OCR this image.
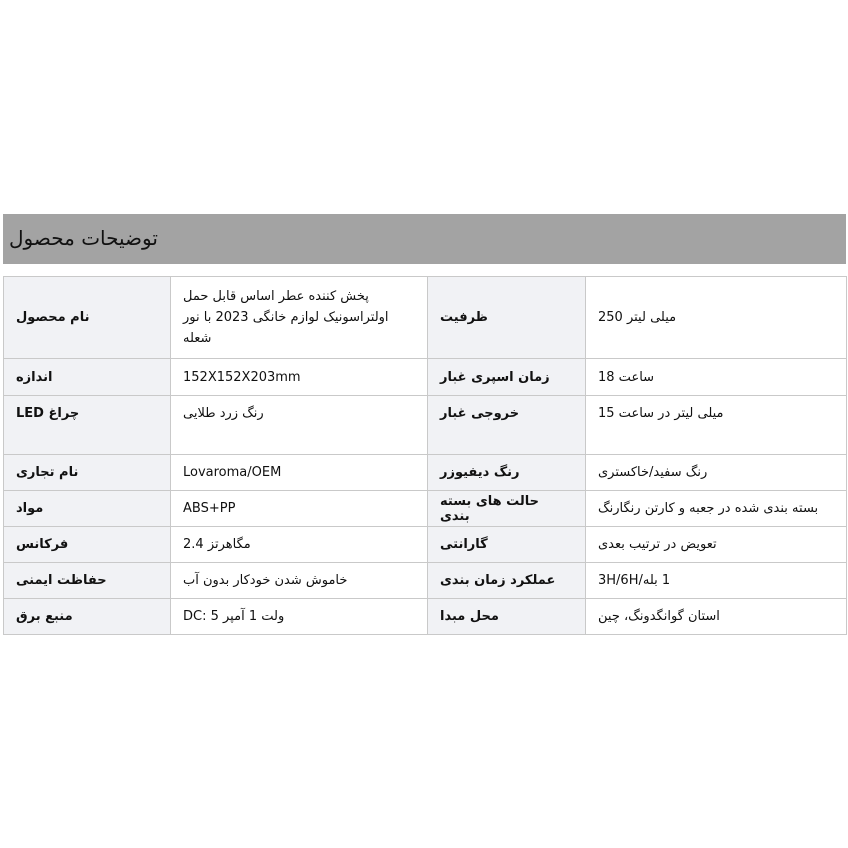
توضیحات محصول
نام محصول	پخش کننده عطر اساس قابل حمل
اولتراسونیک لوازم خانگی 2023 با نور
شعله	ظرفیت	میلی لیتر 250
اندازه	152X152X203mm	زمان اسپری غبار	ساعت 18
چراغ LED	رنگ زرد طلایی	خروجی غبار	میلی لیتر در ساعت 15
نام تجاری	Lovaroma/OEM	رنگ دیفیوزر	رنگ سفید/خاکستری
مواد	ABS+PP	حالت های بسته بندی	بسته بندی شده در جعبه و کارتن رنگارنگ
فرکانس	مگاهرتز 2.4	گارانتی	تعویض در ترتیب بعدی
حفاظت ایمنی	خاموش شدن خودکار بدون آب	عملکرد زمان بندی	1 بله/3H/6H
منبع برق	ولت 1 آمپر DC: 5	محل مبدا	استان گوانگدونگ، چین
